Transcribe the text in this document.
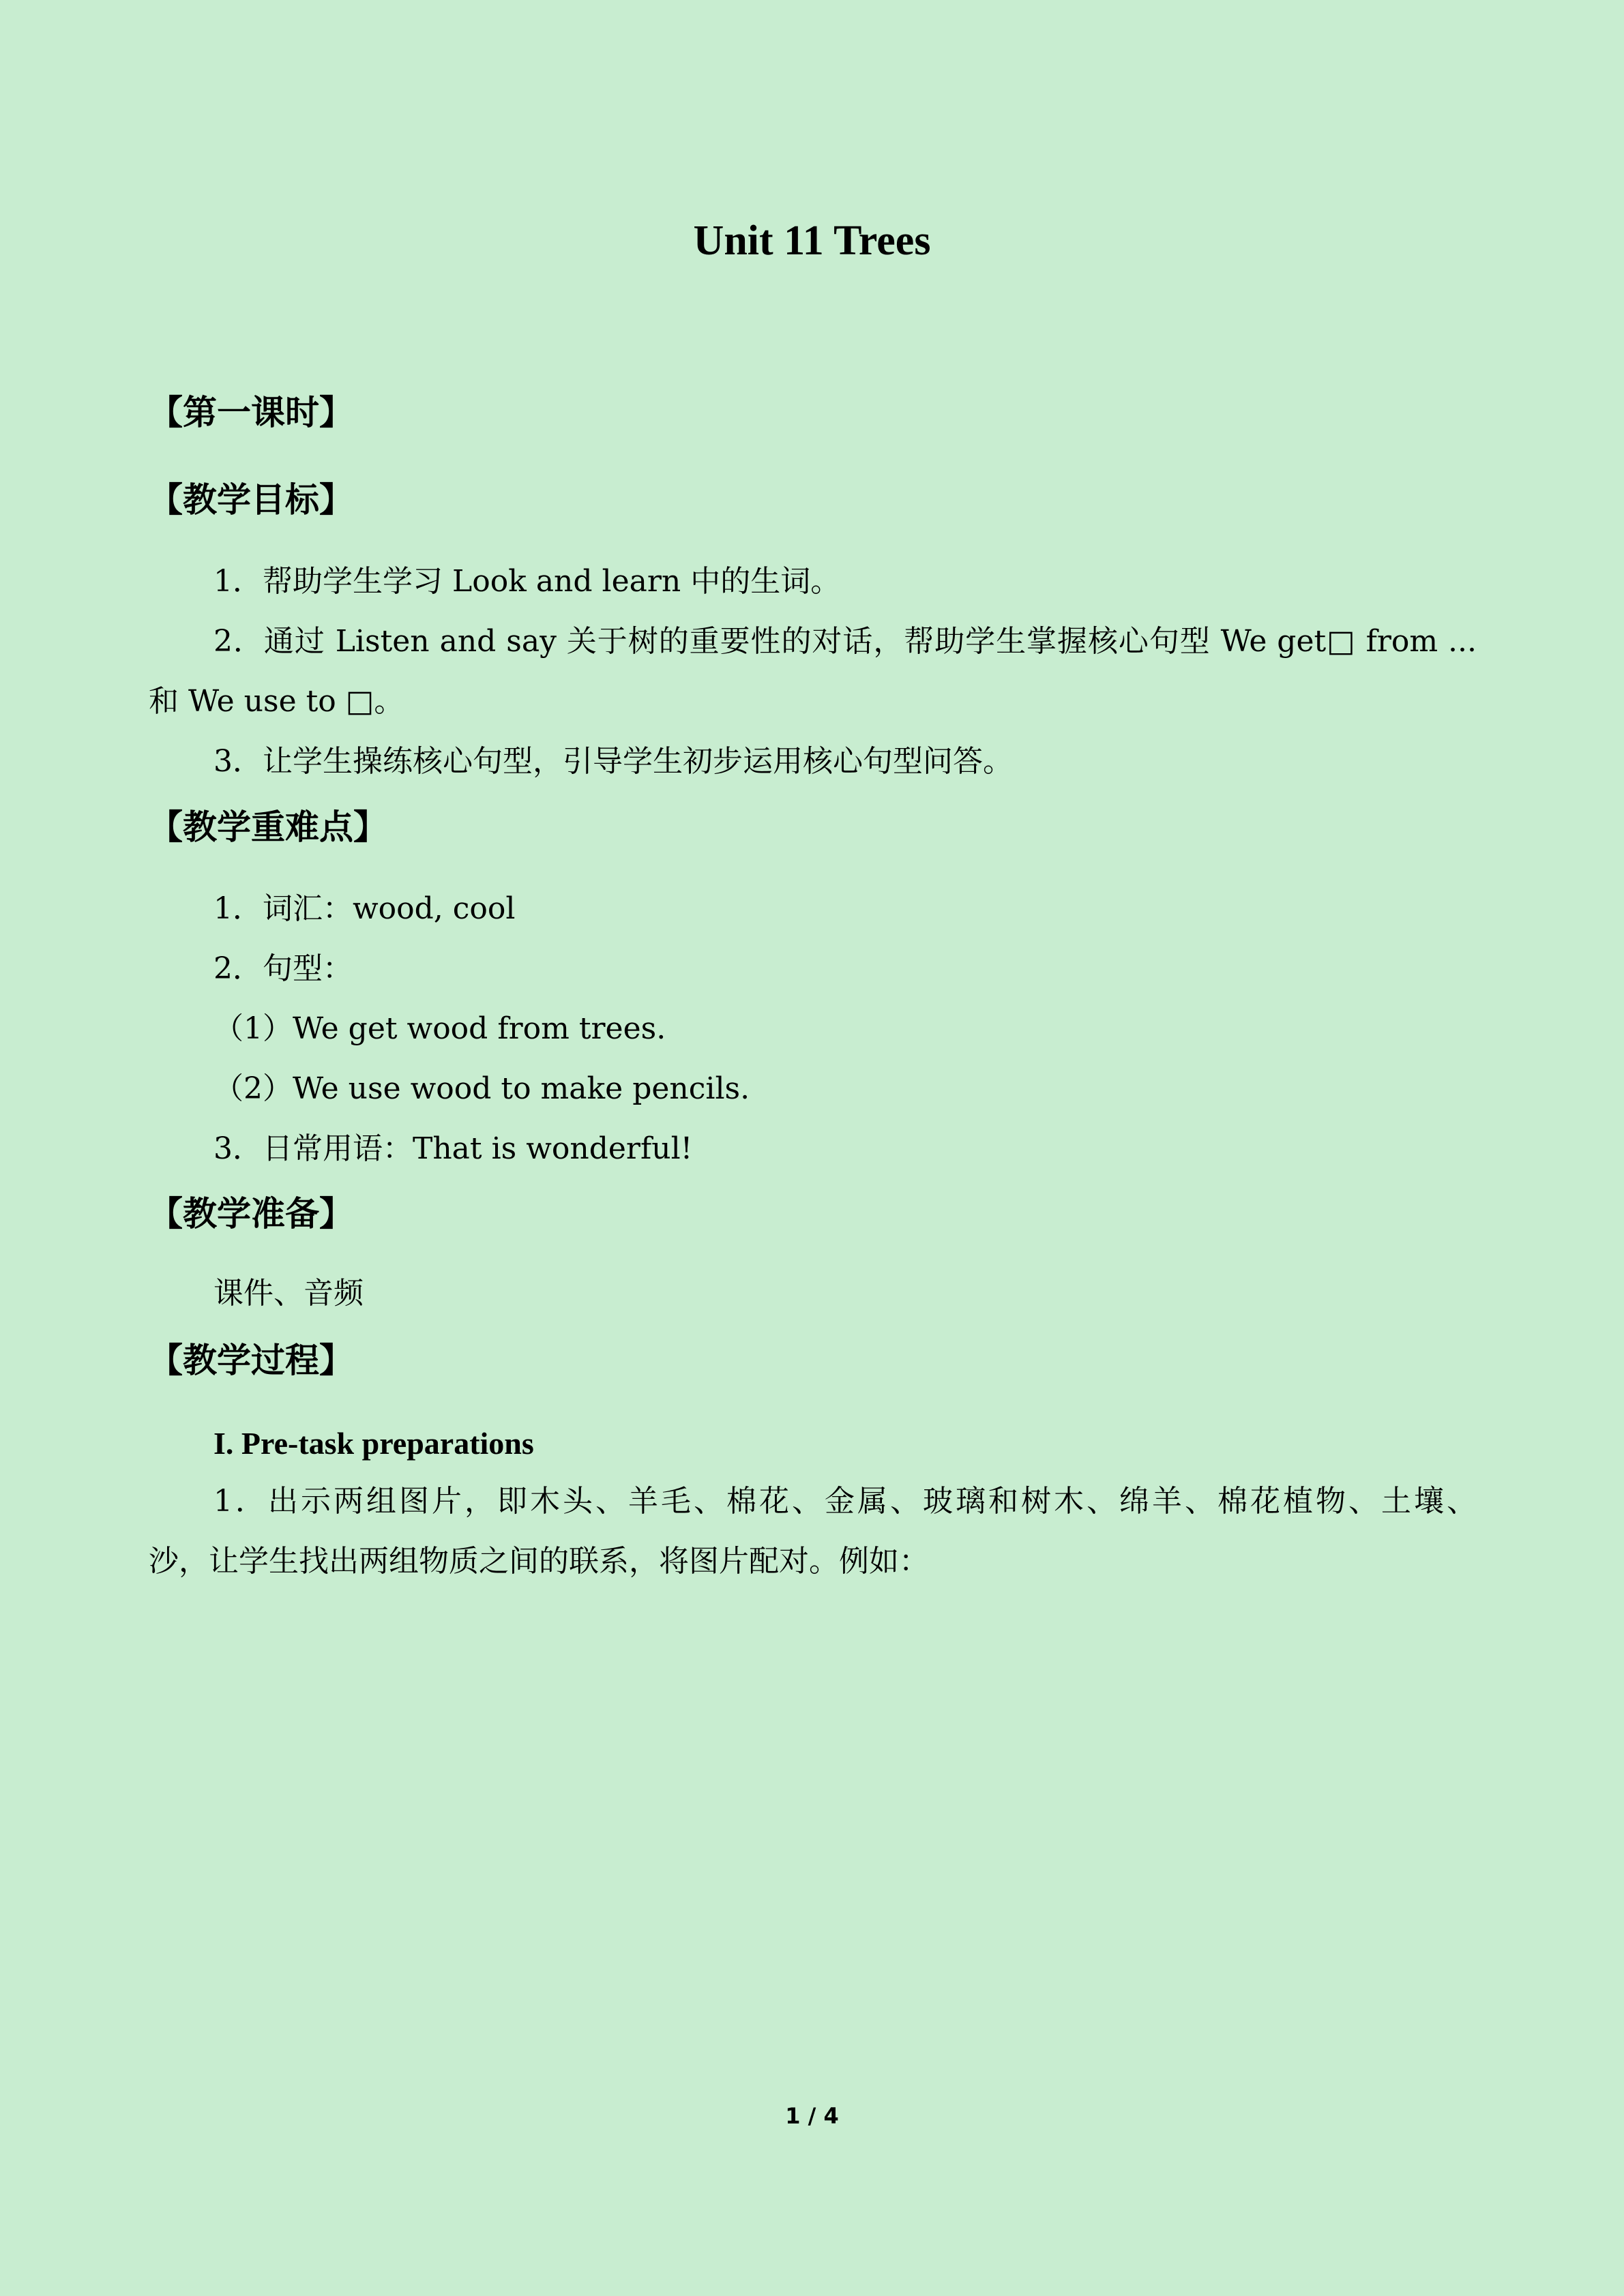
Unit 11 Trees
【第一课时】
【教学目标】
1．帮助学生学习 Look and learn 中的生词。
2．通过 Listen and say 关于树的重要性的对话，帮助学生掌握核心句型 We get□ from ...
和 We use to □。
3．让学生操练核心句型，引导学生初步运用核心句型问答。
【教学重难点】
1．词汇：wood, cool
2．句型：
（1）We get wood from trees.
（2）We use wood to make pencils.
3．日常用语：That is wonderful!
【教学准备】
课件、音频
【教学过程】
I. Pre-task preparations
1．出示两组图片，即木头、羊毛、棉花、金属、玻璃和树木、绵羊、棉花植物、土壤、
沙，让学生找出两组物质之间的联系，将图片配对。例如：
1 / 4
